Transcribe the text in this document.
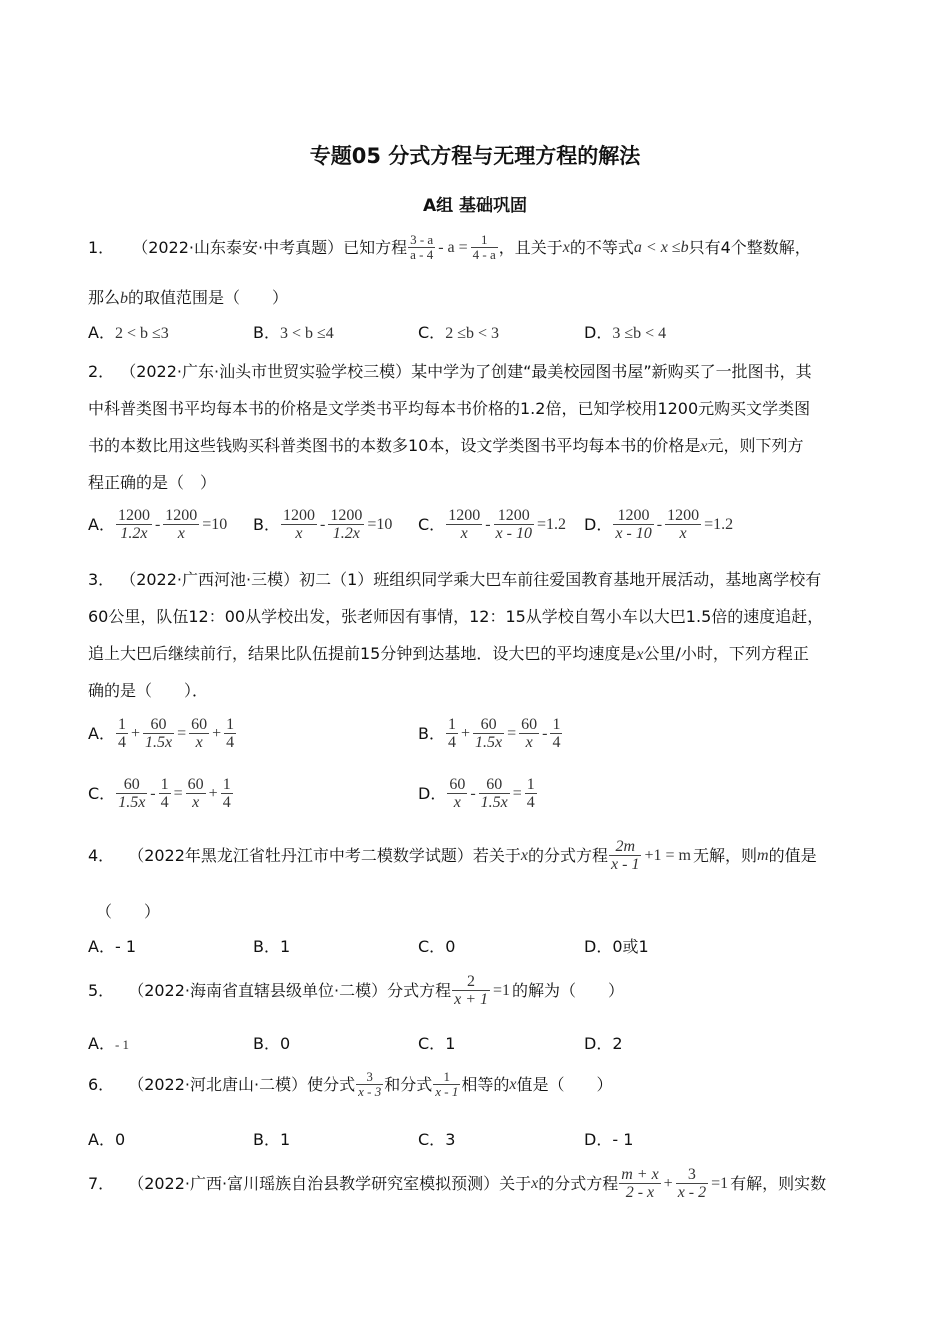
专题05 分式方程与无理方程的解法
A组 基础巩固
1． （2022·山东泰安·中考真题）已知方程 $\frac{3 - a}{a - 4} - a = \frac{1}{4 - a}$ ，且关于 x 的不等式 a < x ≤b 只有4个整数解，
那么b的取值范围是（　　）
A．2 < b ≤3	B．3 < b ≤4	C．2 ≤b < 3	D．3 ≤b < 4
2． （2022·广东·汕头市世贸实验学校三模）某中学为了创建“最美校园图书屋”新购买了一批图书，其
中科普类图书平均每本书的价格是文学类书平均每本书价格的1.2倍，已知学校用1200元购买文学类图
书的本数比用这些钱购买科普类图书的本数多10本，设文学类图书平均每本书的价格是x元，则下列方
程正确的是（　）
A． $\frac{1200}{1.2x} - \frac{1200}{x} =10$ B． $\frac{1200}{x} - \frac{1200}{1.2x} =10$ C． $\frac{1200}{x} - \frac{1200}{x - 10} =1.2$ D． $\frac{1200}{x - 10} - \frac{1200}{x} =1.2$
3． （2022·广西河池·三模）初二（1）班组织同学乘大巴车前往爱国教育基地开展活动，基地离学校有
60公里，队伍12：00从学校出发，张老师因有事情，12：15从学校自驾小车以大巴1.5倍的速度追赶，
追上大巴后继续前行，结果比队伍提前15分钟到达基地．设大巴的平均速度是x公里/小时，下列方程正
确的是（　　）．
A． $\frac{1}{4} + \frac{60}{1.5x} = \frac{60}{x} + \frac{1}{4}$	B． $\frac{1}{4} + \frac{60}{1.5x} = \frac{60}{x} - \frac{1}{4}$
C． $\frac{60}{1.5x} - \frac{1}{4} = \frac{60}{x} + \frac{1}{4}$	D． $\frac{60}{x} - \frac{60}{1.5x} = \frac{1}{4}$
4． （2022年黑龙江省牡丹江市中考二模数学试题）若关于 x 的分式方程 $\frac{2m}{x - 1} +1 = m$ 无解，则 m 的值是
（　　）
A．- 1	B．1	C．0	D．0或1
5． （2022·海南省直辖县级单位·二模）分式方程 $\frac{2}{x + 1} =1$ 的解为（　　）
A．- 1	B．0	C．1	D．2
6． （2022·河北唐山·二模）使分式 $\frac{3}{x - 3}$ 和分式 $\frac{1}{x - 1}$ 相等的 x 值是（　　）
A．0	B．1	C．3	D．- 1
7． （2022·广西·富川瑶族自治县教学研究室模拟预测）关于 x 的分式方程 $\frac{m + x}{2 - x} + \frac{3}{x - 2} =1$ 有解，则实数
